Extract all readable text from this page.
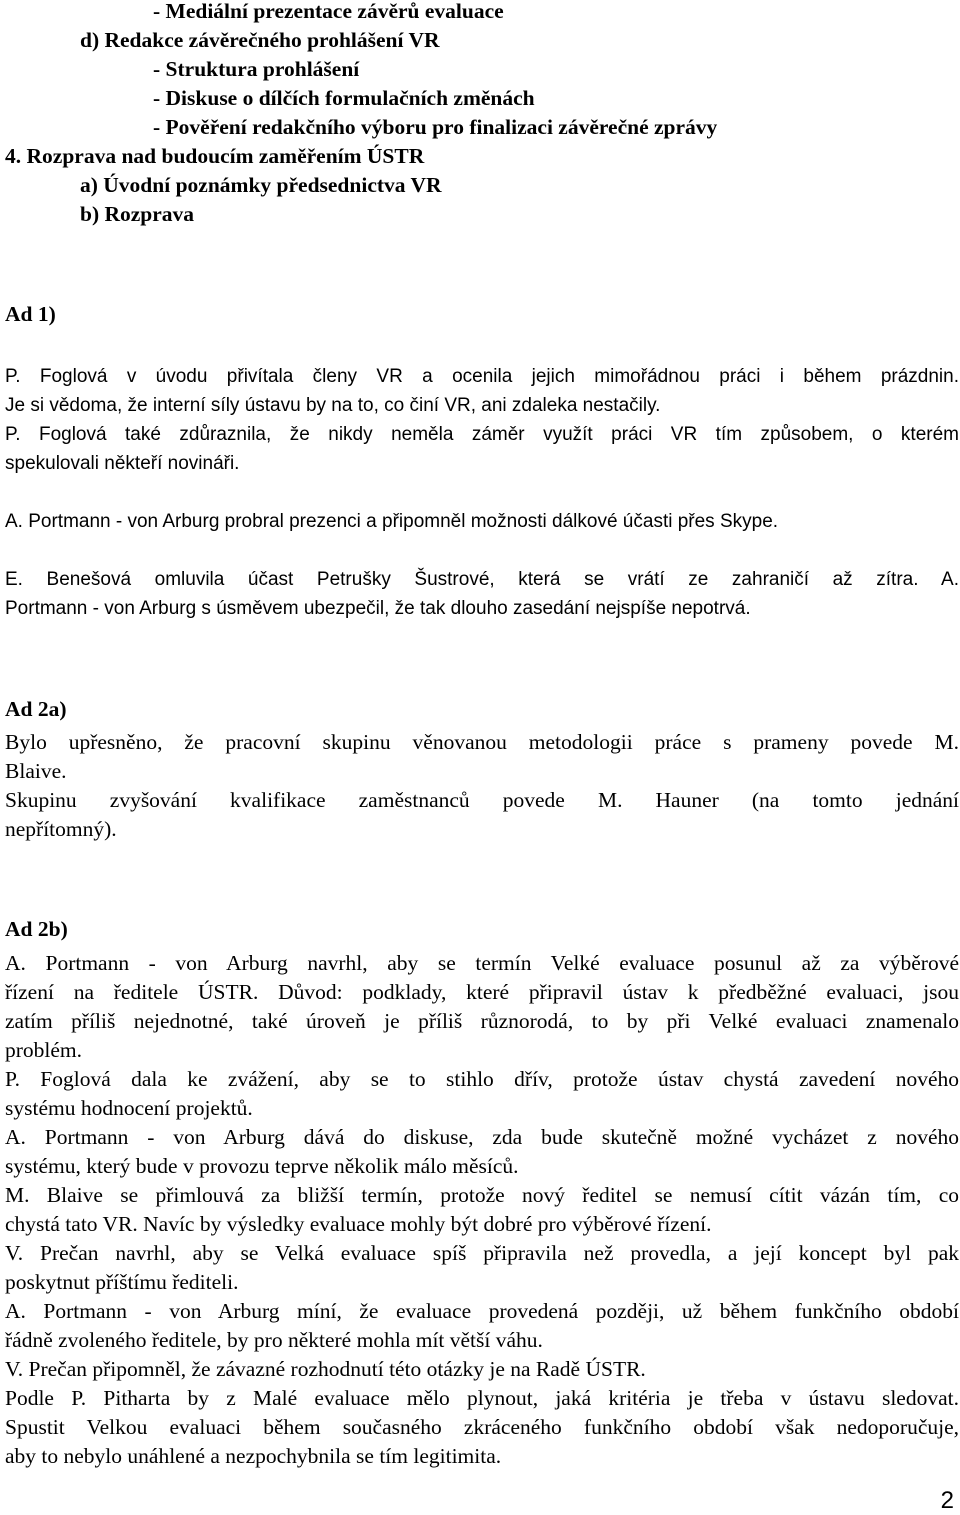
- Mediální prezentace závěrů evaluace
d) Redakce závěrečného prohlášení VR
- Struktura prohlášení
- Diskuse o dílčích formulačních změnách
- Pověření redakčního výboru pro finalizaci závěrečné zprávy
4. Rozprava nad budoucím zaměřením ÚSTR
a) Úvodní poznámky předsednictva VR
b) Rozprava
Ad 1)
P. Foglová v úvodu přivítala členy VR a ocenila jejich mimořádnou práci i během prázdnin.
Je si vědoma, že interní síly ústavu by na to, co činí VR, ani zdaleka nestačily.
P. Foglová také zdůraznila, že nikdy neměla záměr využít práci VR tím způsobem, o kterém
spekulovali někteří novináři.
A. Portmann - von Arburg probral prezenci a připomněl možnosti dálkové účasti přes Skype.
E. Benešová omluvila účast Petrušky Šustrové, která se vrátí ze zahraničí až zítra. A.
Portmann - von Arburg s úsměvem ubezpečil, že tak dlouho zasedání nejspíše nepotrvá.
Ad 2a)
Bylo upřesněno, že pracovní skupinu věnovanou metodologii práce s prameny povede M.
Blaive.
Skupinu zvyšování kvalifikace zaměstnanců povede M. Hauner (na tomto jednání
nepřítomný).
Ad 2b)
A. Portmann - von Arburg navrhl, aby se termín Velké evaluace posunul až za výběrové
řízení na ředitele ÚSTR. Důvod: podklady, které připravil ústav k předběžné evaluaci, jsou
zatím příliš nejednotné, také úroveň je příliš různorodá, to by při Velké evaluaci znamenalo
problém.
P. Foglová dala ke zvážení, aby se to stihlo dřív, protože ústav chystá zavedení nového
systému hodnocení projektů.
A. Portmann - von Arburg dává do diskuse, zda bude skutečně možné vycházet z nového
systému, který bude v provozu teprve několik málo měsíců.
M. Blaive se přimlouvá za bližší termín, protože nový ředitel se nemusí cítit vázán tím, co
chystá tato VR. Navíc by výsledky evaluace mohly být dobré pro výběrové řízení.
V. Prečan navrhl, aby se Velká evaluace spíš připravila než provedla, a její koncept byl pak
poskytnut příštímu řediteli.
A. Portmann - von Arburg míní, že evaluace provedená později, už během funkčního období
řádně zvoleného ředitele, by pro některé mohla mít větší váhu.
V. Prečan připomněl, že závazné rozhodnutí této otázky je na Radě ÚSTR.
Podle P. Pitharta by z Malé evaluace mělo plynout, jaká kritéria je třeba v ústavu sledovat.
Spustit Velkou evaluaci během současného zkráceného funkčního období však nedoporučuje,
aby to nebylo unáhlené a nezpochybnila se tím legitimita.
2
